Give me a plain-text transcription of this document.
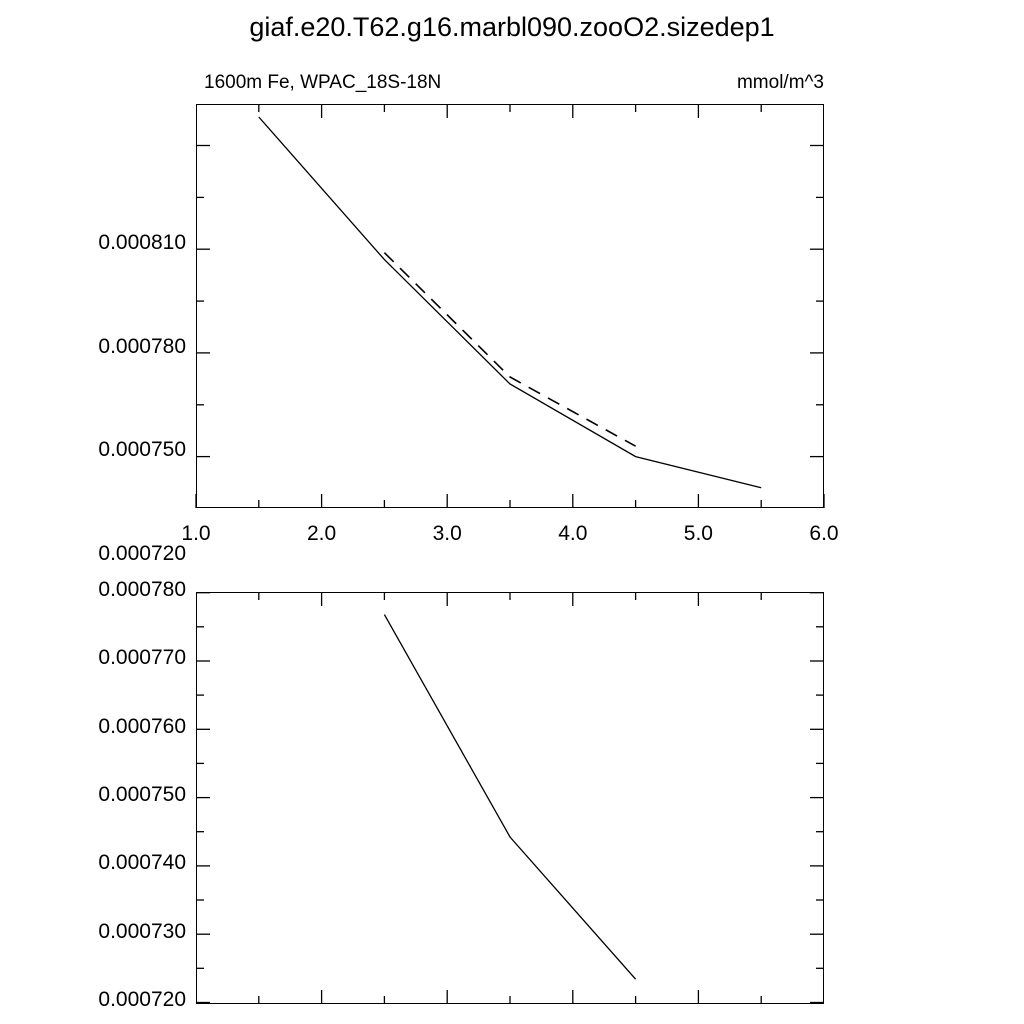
giaf.e20.T62.g16.marbl090.zooO2.sizedep1
1600m Fe, WPAC_18S-18N	mmol/m^3
0.000810
0.000780
0.000750
0.000720
1.0	2.0	3.0	4.0	5.0	6.0
0.000780
0.000770
0.000760
0.000750
0.000740
0.000730
0.000720
